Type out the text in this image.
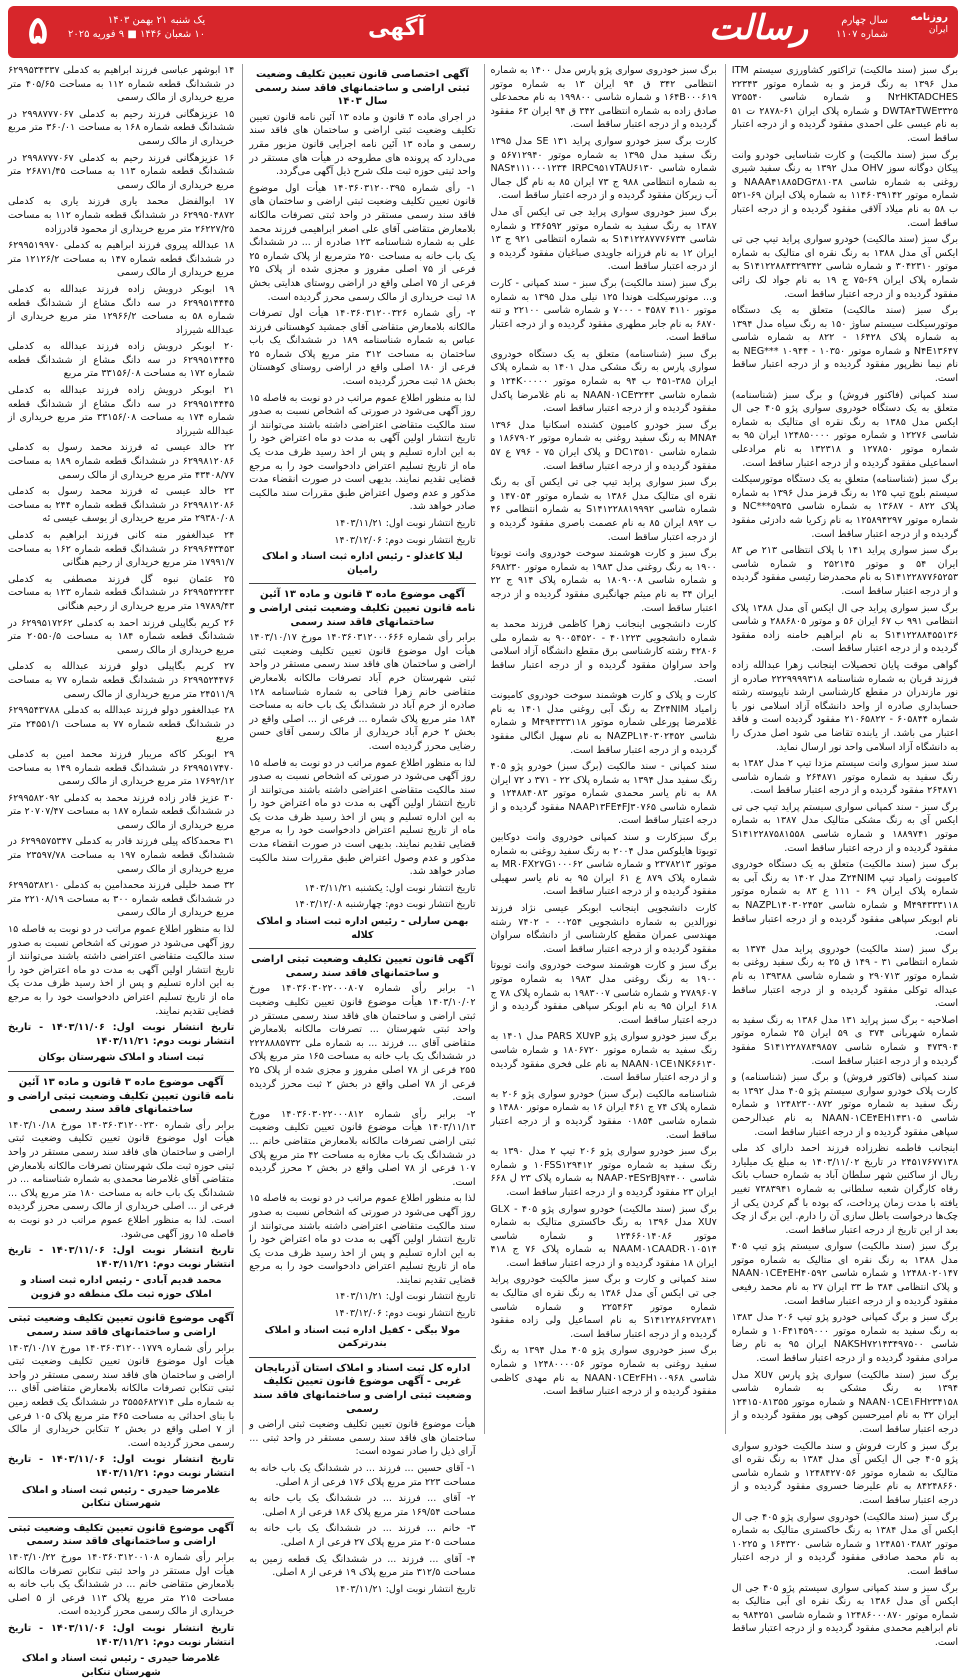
روزنامه
ایران
سال چهارم
شماره ۱۱۰۷
رسالت
آگهی
یک شنبه ۲۱ بهمن ۱۴۰۳
۱۰ شعبان ۱۴۴۶ ■ ۹ فوریه ۲۰۲۵
۵

برگ سبز (سند مالکیت) تراکتور کشاورزی سیستم ITM مدل ۱۳۹۶ به رنگ قرمز و به شماره موتور ۲۲۳۴۳ N۲HKTADCHES و شماره شاسی ۷۲۵۵۴۰ DWTA۴TWE۳۳۲۵ و شماره پلاک ایران ۶۱-۲۸۷۸ ت ۵۱ به نام عیسی علی احمدی مفقود گردیده و از درجه اعتبار ساقط است.

برگ سبز (سند مالکیت) و کارت شناسایی خودرو وانت پیکان دوگانه سوز OHV مدل ۱۳۹۲ به رنگ سفید شیری روغنی به شماره شاسی NAAA۴۱۸۸۵DG۳۸۱۰۳۸ و شماره موتور ۱۱۴۶۰۳۹۱۴۲ به شماره پلاک ایران ۶۹-۵۲۱ ب ۵۸ به نام میلاد آلاقی مفقود گردیده و از درجه اعتبار ساقط است.

برگ سبز (سند مالکیت) خودرو سواری پراید تیپ جی تی ایکس آی مدل ۱۳۸۸ به رنگ نقره ای متالیک به شماره موتور ۳۰۴۲۳۱۰ و شماره شاسی S۱۴۱۲۲۸۸۴۳۲۹۳۴۲ به شماره پلاک ایران ۶۹-۷۵ ج ۱۹ به نام جواد لک زائی مفقود گردیده و از درجه اعتبار ساقط است.

برگ سبز (سند مالکیت) متعلق به یک دستگاه موتورسیکلت سیستم ساوژ ۱۵۰ به رنگ سیاه مدل ۱۳۹۴ به شماره پلاک ۱۶۴۲۸ - ۸۲۲ به شماره شاسی N۴E۱۳۶۴۷ و شماره موتور NEG*** ۱۰۹۴۴ - ۱۰۳۵۰ به نام نیما نظرپور مفقود گردیده و از درجه اعتبار ساقط است.

سند کمپانی (فاکتور فروش) و برگ سبز (شناسنامه) متعلق به یک دستگاه خودروی سواری پژو ۴۰۵ جی ال ایکس مدل ۱۳۸۵ به رنگ نقره ای متالیک به شماره شاسی ۱۲۲۷۶ و شماره موتور ۱۲۴۸۵۰۰۰۰ ایران ۹۵ به شماره موتور ۱۲۷۸۵۰ و ۱۳۲۳۱۸ به نام مرادعلی اسماعیلی مفقود گردیده و از درجه اعتبار ساقط است.

برگ سبز (شناسنامه) متعلق به یک دستگاه موتورسیکلت سیستم بلوچ تیپ ۱۲۵ به رنگ قرمز مدل ۱۳۹۶ به شماره پلاک ۸۲۲ - ۱۳۶۸۷ به شماره شاسی NC***۵۹۳۵ و شماره موتور ۱۲۵۸۹۴۲۹۷ به نام زکریا شه دادزئی مفقود گردیده و از درجه اعتبار ساقط است.

برگ سبز سواری پراید ۱۴۱ با پلاک انتظامی ۲۱۳ ص ۸۳ ایران ۵۴ و موتور ۲۵۲۱۴۵ و شماره شاسی S۱۴۱۲۲۸۷۷۶۵۲۵۳ به نام محمدرضا رئیسی مفقود گردیده و از درجه اعتبار ساقط است.

برگ سبز سواری پراید جی ال ایکس آی مدل ۱۳۸۸ پلاک انتظامی ۹۹۱ ب ۶۷ ایران ۵۶ و موتور ۲۸۸۶۸۰۵ و شاسی S۱۴۱۲۲۸۸۴۵۵۱۳۶ به نام ابراهیم خامنه زاده مفقود گردیده و از درجه اعتبار ساقط است.

گواهی موقت پایان تحصیلات اینجانب زهرا عبدالله زاده فرزند قربان به شماره شناسنامه ۲۲۲۹۹۹۹۳۱۸ صادره از نور مازندران در مقطع کارشناسی ارشد ناپیوسته رشته حسابداری صادره از واحد دانشگاه آزاد اسلامی نور با شماره ۶۰۵۸۴۴ - ۲۱۰۶۵۸۲۲ مفقود گردیده است و فاقد اعتبار می باشد. از یابنده تقاضا می شود اصل مدرک را به دانشگاه آزاد اسلامی واحد نور ارسال نماید.

سند سبز سواری وانت سیستم مزدا تیپ ۲ مدل ۱۳۸۲ به رنگ سفید به شماره موتور ۲۶۴۸۷۱ و شماره شاسی ۲۶۴۸۷۱ مفقود گردیده و از درجه اعتبار ساقط است.

برگ سبز - سند کمپانی سواری سیستم پراید تیپ جی تی ایکس آی به رنگ مشکی متالیک مدل ۱۳۸۷ به شماره موتور ۱۸۸۹۷۴۱ و شماره شاسی S۱۴۱۲۲۸۷۵۸۱۵۵۸ مفقود گردیده و از درجه اعتبار ساقط است.

برگ سبز (سند مالکیت) متعلق به یک دستگاه خودروی کامیونت زامیاد تیپ Z۲۴NIM مدل ۱۴۰۲ به رنگ آبی به شماره پلاک ایران ۶۹ - ۱۱۱ ع ۸۳ به شماره موتور M۴۹۴۳۳۳۱۱۸ و شماره شاسی NAZPL۱۴۰۳۰۲۴۵۲ به نام ابوبکر سپاهی مفقود گردیده و از درجه اعتبار ساقط است.

برگ سبز (سند مالکیت) خودروی پراید مدل ۱۳۷۴ به شماره انتظامی ۳۱ - ۱۴۹ ق ۲۵ به رنگ سفید روغنی به شماره موتور ۲۹۰۷۱۳ و شماره شاسی ۱۳۹۳۸۸ به نام عبداله توکلی مفقود گردیده و از درجه اعتبار ساقط است.

اصلاحیه - برگ سبز پراید ۱۳۱ مدل ۱۳۸۶ به رنگ سفید به شماره شهربانی ۳۷۴ ی ۵۹ ایران ۲۵ شماره موتور ۴۷۳۹۰۴ و شماره شاسی S۱۴۱۲۲۸۷۸۴۹۸۵۷ مفقود گردیده و از درجه اعتبار ساقط است.

سند کمپانی (فاکتور فروش) و برگ سبز (شناسنامه) و کارت پلاک خودرو سواری سیستم پژو ۴۰۵ مدل ۱۳۹۲ به رنگ سفید به شماره موتور ۱۲۴۸۲۳۰۰۸۷۲ و شماره شاسی NAAN۰۱CE۴EH۱۴۳۱۰۵ به نام عبدالرحمن سپاهی مفقود گردیده و از درجه اعتبار ساقط است.

اینجانب فاطمه نظرزاده فرزند احمد دارای کد ملی ۲۴۵۱۷۶۷۷۱۳۸ در تاریخ ۱۴۰۳/۱۱/۰۲ به مبلغ یک میلیارد ریال از ساکنین شهر سلطان آباد به شماره حساب بانک رفاه کارگران شعبه سلطانی به شماره ۷۳۸۳۹۴۱ تغییر یافته با مدت زمان پرداخت، که بوده با گم کردن یکی از چک‌ها درخواست باطل سازی آن را دارم. این برگ از چک بعد از این تاریخ از درجه اعتبار ساقط است.

برگ سبز (سند مالکیت) سواری سیستم پژو تیپ ۴۰۵ مدل ۱۳۸۸ به رنگ نقره ای متالیک به شماره موتور ۱۲۴۸۸۰۲۰۱۴۷ و شماره شاسی NAAN۰۱CE۴EH۴۰۵۹۲ و پلاک انتظامی ۳۸۴ ط ۳۳ ایران ۲۷ به نام محمد رفیعی مفقود گردیده و از درجه اعتبار ساقط است.

برگ سبز و برگ کمپانی خودرو پژو تیپ ۲۰۶ مدل ۱۳۸۳ به رنگ سفید به شماره موتور ۱۰F۴۱۴۵۹۰۰۰ و شماره شاسی NAKSH۷۲۱۴۳۴۹۷۵۰۰ ایران ۹۵ به نام رضا مرادی مفقود گردیده و از درجه اعتبار ساقط است.

برگ سبز (سند مالکیت) سواری پژو پارس XU۷ مدل ۱۳۹۴ به رنگ مشکی به شماره شاسی NAAN۰۱CE۱FH۲۳۴۱۵۸ و شماره موتور ۱۲۴۱۵۰۸۱۳۵۵ ایران ۳۲ به نام امیرحسین کوهی پور مفقود گردیده و از درجه اعتبار ساقط است.

برگ سبز و کارت فروش و سند مالکیت خودرو سواری پژو ۴۰۵ جی ال ایکس آی مدل ۱۳۸۴ به رنگ نقره ای متالیک به شماره موتور ۱۲۴۸۴۲۷۰۵۶ و شماره شاسی ۸۴۲۴۸۶۶۰ به نام علیرضا خسروی مفقود گردیده و از درجه اعتبار ساقط است.

برگ سبز (سند مالکیت) خودروی سواری پژو ۴۰۵ جی ال ایکس آی مدل ۱۳۸۴ به رنگ خاکستری متالیک به شماره موتور ۱۲۴۸۵۱۰۳۸۸۲ و شماره شاسی ۱۶۴۳۲۰ و ۱۰۲۲۵ به نام محمد صادقی مفقود گردیده و از درجه اعتبار ساقط است.

برگ سبز و سند کمپانی سواری سیستم پژو ۴۰۵ جی ال ایکس آی مدل ۱۳۸۶ به رنگ نقره ای آبی متالیک به شماره موتور ۱۲۴۸۶۰۰۰۸۷۰ و شماره شاسی ۹۸۴۲۵۱ به نام ابراهیم محمدی مفقود گردیده و از درجه اعتبار ساقط است.

برگ سبز خودروی سواری پژو پارس مدل ۱۴۰۰ به شماره انتظامی ۳۴۲ ق ۹۴ ایران ۱۳ به شماره موتور ۱۶۴B۰۰۰۶۱۹ و شماره شاسی ۱۹۹۸۰۰ به نام محمدعلی صادق زاده به شماره انتظامی ۳۴۲ ق ۹۴ ایران ۶۳ مفقود گردیده و از درجه اعتبار ساقط است.

کارت برگ سبز خودرو سواری پراید ۱۳۱ SE مدل ۱۳۹۵ رنگ سفید مدل ۱۳۹۵ به شماره موتور ۵۶۷۱۲۹۴۰ و شماره شاسی NAS۴۱۱۱۰۰۰۱۲۳۴ IRPC۹۵۱۷TAU۶۱۳۰ به شماره انتظامی ۹۸۸ ج ۷۳ ایران ۸۵ به نام گل جمال آب زیرکان مفقود گردیده و از درجه اعتبار ساقط است.

برگ سبز خودروی سواری پراید جی تی ایکس آی مدل ۱۳۸۷ به رنگ سفید به شماره موتور ۲۴۶۵۹۲ و شماره شاسی S۱۴۱۲۲۸۷۷۷۶۷۳۴ به شماره انتظامی ۹۲۱ ج ۱۳ ایران ۱۲ به نام فرزانه جاویدی صباغیان مفقود گردیده و از درجه اعتبار ساقط است.

برگ سبز (سند مالکیت) برگ سبز - سند کمپانی - کارت و... موتورسیکلت هوندا ۱۲۵ نیلی مدل ۱۳۹۵ به شماره موتور ۴۱۱۰ ۴۵۸۷ - ۷۰۰۰ و شماره شاسی ۲۲۱۰۰ و تنه ۶۸۷۰ به نام جابر مطهری مفقود گردیده و از درجه اعتبار ساقط است.

برگ سبز (شناسنامه) متعلق به یک دستگاه خودروی سواری پارس به رنگ مشکی مدل ۱۴۰۱ به شماره پلاک ایران ۳۸۵-۴۵۱ ب ۹۴ به شماره موتور ۱۲۴K۰۰۰۰۰ و شماره شاسی NAAN۰۱CE۳۲۴۳ به نام غلامرضا پاکدل مفقود گردیده و از درجه اعتبار ساقط است.

برگ سبز خودرو کامیون کشنده اسکانیا مدل ۱۳۹۶ MNA۴ به رنگ سفید روغنی به شماره موتور ۱۸۶۷۹۰۲ و شماره شاسی DC۱۳۵۱۰ و پلاک ایران ۷۵ - ۷۹۶ ع ۵۷ مفقود گردیده و از درجه اعتبار ساقط است.

برگ سبز سواری پراید تیپ جی تی ایکس آی به رنگ نقره ای متالیک مدل ۱۳۸۶ به شماره موتور ۱۴۷۰۵۴ و شماره شاسی S۱۴۱۲۲۸۸۱۹۹۹۲ به شماره انتظامی ۴۶ ب ۸۹۲ ایران ۸۵ به نام عصمت باصری مفقود گردیده و از درجه اعتبار ساقط است.

برگ سبز و کارت هوشمند سوخت خودروی وانت تویوتا ۱۹۰۰ به رنگ روغنی مدل ۱۹۸۳ به شماره موتور ۶۹۸۲۳۰ و شماره شاسی ۱۸۰۹۰۰۸ به شماره پلاک ۹۱۴ ج ۲۲ ایران ۳۴ به نام میثم جهانگیری مفقود گردیده و از درجه اعتبار ساقط است.

کارت دانشجویی اینجانب زهرا کاظمی فرزند محمد به شماره دانشجویی ۴۰۱۲۲۳ - ۹۰۰۵۴۵۲۰ به شماره ملی ۴۲۸۰۶ رشته کارشناسی برق مقطع دانشگاه آزاد اسلامی واحد سراوان مفقود گردیده و از درجه اعتبار ساقط است.

کارت و پلاک و کارت هوشمند سوخت خودروی کامیونت زامیاد Z۲۴NIM به رنگ آبی روغنی مدل ۱۴۰۱ به نام غلامرضا پورعلی شماره موتور M۴۹۴۳۳۳۱۱۸ و شماره شاسی NAZPL۱۴۰۳۰۲۴۵۲ به نام سهیل انگالی مفقود گردیده و از درجه اعتبار ساقط است.

سند کمپانی - سند مالکیت (برگ سبز) خودرو پژو ۴۰۵ رنگ سفید مدل ۱۳۹۴ به شماره پلاک ۲۲ - ۳۷۱ د ۷۲ ایران ۸۸ به نام یاسر محمدی شماره موتور ۱۲۴۸۸۴۰۸۳ و شماره شاسی NAAP۱۳FE۴FJ۳۰۷۶۵ مفقود گردیده و از درجه اعتبار ساقط است.

برگ سبزکارت و سند کمپانی خودروی وانت دوکابین تویوتا هایلوکس مدل ۲۰۰۴ به رنگ سفید روغنی به شماره موتور ۲۳۷۸۲۱۳ و شماره شاسی MR۰FX۲۷G۱۰۰۰۶۲ به شماره پلاک ۸۷۹ ع ۶۱ ایران ۹۵ به نام یاسر سهیلی مفقود گردیده و از درجه اعتبار ساقط است.

کارت دانشجویی اینجانب ابوبکر عیسی نژاد فرزند نورالدین به شماره دانشجویی ۰۰۲۵۴ - ۷۴۰۲ رشته مهندسی عمران مقطع کارشناسی از دانشگاه سراوان مفقود گردیده و از درجه اعتبار ساقط است.

برگ سبز و کارت هوشمند سوخت خودروی وانت تویوتا ۱۹۰۰ به رنگ روغنی مدل ۱۹۸۳ به شماره موتور ۲۷۸۹۶۰۷ و شماره شاسی ۱۹۸۳۰۰۷ به شماره پلاک ۷۸ ج ۶۱۸ ایران ۹۵ به نام ابوبکر سپاهی مفقود گردیده و از درجه اعتبار ساقط است.

برگ سبز خودرو سواری پژو PARS XU۷P مدل ۱۴۰۱ به رنگ سفید به شماره موتور ۱۸۰۶۷۲۰ و شماره شاسی NAAN۰۱CE۱NK۶۶۱۳۰ به نام علی فخری مفقود گردیده و از درجه اعتبار ساقط است.

شناسنامه مالکیت (برگ سبز) خودرو سواری پژو ۲۰۶ به شماره پلاک ۷۴ ج ۴۶۱ ایران ۱۶ به شماره موتور ۱۴۸۸۰ و شماره شاسی ۰۱۸۵۴ مفقود گردیده و از درجه اعتبار ساقط است.

برگ سبز خودرو سواری پژو ۲۰۶ تیپ ۲ مدل ۱۳۹۰ به رنگ سفید به شماره موتور ۱۰FSS۱۲۹۴۱۲ و شماره شاسی NAAP۰۳ES۲BJ۹۴۴۰۰ به شماره پلاک ۲۳ ل ۶۶۸ ایران ۲۳ مفقود گردیده و از درجه اعتبار ساقط است.

برگ سبز (سند مالکیت) خودرو سواری پژو ۴۰۵ GLX - XU۷ مدل ۱۳۹۶ به رنگ خاکستری متالیک به شماره موتور ۱۲۴۶۶۰۱۴۰۸۶ و شماره شاسی NAAM۰۱CAADR۰۱۰۵۱۴ به شماره پلاک ۷۶ ج ۴۱۸ ایران ۱۸ مفقود گردیده و از درجه اعتبار ساقط است.

سند کمپانی و کارت و برگ سبز مالکیت خودروی پراید جی تی ایکس آی مدل ۱۳۸۶ به رنگ نقره ای متالیک به شماره موتور ۲۲۵۴۶۳ و شماره شاسی S۱۴۱۲۲۸۶۲۷۲۸۴۱ به نام اسماعیل ولی زاده مفقود گردیده و از درجه اعتبار ساقط است.

برگ سبز خودروی سواری پژو ۴۰۵ مدل ۱۳۹۴ به رنگ سفید روغنی به شماره موتور ۱۲۴۸۰۰۰۰۵۶ و شماره شاسی NAAN۰۱CE۲FH۱۰۰۹۶۸ به نام مهدی کاظمی مفقود گردیده و از درجه اعتبار ساقط است.

آگهی اختصاصی قانون تعیین تکلیف وضعیت ثبتی اراضی و ساختمانهای فاقد سند رسمی سال ۱۴۰۳

در اجرای ماده ۳ قانون و ماده ۱۳ آئین نامه قانون تعیین تکلیف وضعیت ثبتی اراضی و ساختمان های فاقد سند رسمی و ماده ۱۳ آئین نامه اجرایی قانون مزبور مقرر می‌دارد که پرونده های مطروحه در هیأت های مستقر در واحد ثبتی حوزه ثبت ملک شرح ذیل آگهی می‌گردد.

۱- رأی شماره ۱۴۰۳۶۰۳۱۲۰۰۳۹۵ هیأت اول موضوع قانون تعیین تکلیف وضعیت ثبتی اراضی و ساختمان های فاقد سند رسمی مستقر در واحد ثبتی تصرفات مالکانه بلامعارض متقاضی آقای علی اصغر ابراهیمی فرزند محمد علی به شماره شناسنامه ۱۲۳ صادره از ... در ششدانگ یک باب خانه به مساحت ۲۵۰ مترمربع از پلاک شماره ۲۵ فرعی از ۷۵ اصلی مفروز و مجزی شده از پلاک ۲۵ فرعی از ۷۵ اصلی واقع در اراضی روستای هدایتی بخش ۱۸ ثبت خریداری از مالک رسمی محرز گردیده است.

۲- رأی شماره ۱۴۰۳۶۰۳۱۲۰۰۳۲۶ هیأت اول تصرفات مالکانه بلامعارض متقاضی آقای جمشید کوهستانی فرزند عباس به شماره شناسنامه ۱۸۹ در ششدانگ یک باب ساختمان به مساحت ۳۱۲ متر مربع پلاک شماره ۲۵ فرعی از ۱۸۰ اصلی واقع در اراضی روستای کوهستان بخش ۱۸ ثبت محرز گردیده است.

لذا به منظور اطلاع عموم مراتب در دو نوبت به فاصله ۱۵ روز آگهی می‌شود در صورتی که اشخاص نسبت به صدور سند مالکیت متقاضی اعتراضی داشته باشند می‌توانند از تاریخ انتشار اولین آگهی به مدت دو ماه اعتراض خود را به این اداره تسلیم و پس از اخذ رسید ظرف مدت یک ماه از تاریخ تسلیم اعتراض دادخواست خود را به مرجع قضایی تقدیم نمایند. بدیهی است در صورت انقضاء مدت مذکور و عدم وصول اعتراض طبق مقررات سند مالکیت صادر خواهد شد.

تاریخ انتشار نوبت اول: ۱۴۰۳/۱۱/۲۱

تاریخ انتشار نوبت دوم: ۱۴۰۳/۱۲/۰۶

لیلا کاغذلو - رئیس اداره ثبت اسناد و املاک رامیان
آگهی موضوع ماده ۳ قانون و ماده ۱۳ آئین نامه قانون تعیین تکلیف وضعیت ثبتی اراضی و ساختمانهای فاقد سند رسمی

برابر رأی شماره ۱۴۰۳۶۰۳۱۲۰۰۰۶۶۶ مورخ ۱۴۰۳/۱۰/۱۷ هیأت اول موضوع قانون تعیین تکلیف وضعیت ثبتی اراضی و ساختمان های فاقد سند رسمی مستقر در واحد ثبتی شهرستان خرم آباد تصرفات مالکانه بلامعارض متقاضی خانم زهرا فتاحی به شماره شناسنامه ۱۲۸ صادره از خرم آباد در ششدانگ یک باب خانه به مساحت ۱۸۴ متر مربع پلاک شماره ... فرعی از ... اصلی واقع در بخش ۲ خرم آباد خریداری از مالک رسمی آقای حسن رضایی محرز گردیده است.

لذا به منظور اطلاع عموم مراتب در دو نوبت به فاصله ۱۵ روز آگهی می‌شود در صورتی که اشخاص نسبت به صدور سند مالکیت متقاضی اعتراضی داشته باشند می‌توانند از تاریخ انتشار اولین آگهی به مدت دو ماه اعتراض خود را به این اداره تسلیم و پس از اخذ رسید ظرف مدت یک ماه از تاریخ تسلیم اعتراض دادخواست خود را به مرجع قضایی تقدیم نمایند. بدیهی است در صورت انقضاء مدت مذکور و عدم وصول اعتراض طبق مقررات سند مالکیت صادر خواهد شد.

تاریخ انتشار نوبت اول: یکشنبه ۱۴۰۳/۱۱/۲۱

تاریخ انتشار نوبت دوم: چهارشنبه ۱۴۰۳/۱۲/۰۸

بهمن سارلی - رئیس اداره ثبت اسناد و املاک کلاله
آگهی قانون تعیین تکلیف وضعیت ثبتی اراضی و ساختمانهای فاقد سند رسمی

۱- برابر رأی شماره ۱۴۰۳۶۰۳۰۲۲۰۰۰۸۰۷ مورخ ۱۴۰۳/۱۰/۰۲ هیأت موضوع قانون تعیین تکلیف وضعیت ثبتی اراضی و ساختمان های فاقد سند رسمی مستقر در واحد ثبتی شهرستان ... تصرفات مالکانه بلامعارض متقاضی آقای ... فرزند ... به شماره ملی ۲۲۲۸۸۸۵۷۳۲ در ششدانگ یک باب خانه به مساحت ۱۶۵ متر مربع پلاک ۲۵۵ فرعی از ۷۸ اصلی مفروز و مجزی شده از پلاک ۲۵ فرعی از ۷۸ اصلی واقع در بخش ۲ ثبت محرز گردیده است.

۲- برابر رأی شماره ۱۴۰۳۶۰۳۰۲۲۰۰۰۸۱۲ مورخ ۱۴۰۳/۱۱/۱۳ هیأت موضوع قانون تعیین تکلیف وضعیت ثبتی اراضی تصرفات مالکانه بلامعارض متقاضی خانم ... در ششدانگ یک باب مغازه به مساحت ۴۲ متر مربع پلاک ۱۰۷ فرعی از ۷۸ اصلی واقع در بخش ۲ محرز گردیده است.

لذا به منظور اطلاع عموم مراتب در دو نوبت به فاصله ۱۵ روز آگهی می‌شود در صورتی که اشخاص نسبت به صدور سند مالکیت متقاضی اعتراضی داشته باشند می‌توانند از تاریخ انتشار اولین آگهی به مدت دو ماه اعتراض خود را به این اداره تسلیم و پس از اخذ رسید ظرف مدت یک ماه از تاریخ تسلیم اعتراض دادخواست خود را به مرجع قضایی تقدیم نمایند.

تاریخ انتشار نوبت اول: ۱۴۰۳/۱۱/۲۱

تاریخ انتشار نوبت دوم: ۱۴۰۳/۱۲/۰۶

مولا بیگی - کفیل اداره ثبت اسناد و املاک بندرترکمن
اداره کل ثبت اسناد و املاک استان آذربایجان غربی - آگهی موضوع قانون تعیین تکلیف وضعیت ثبتی اراضی و ساختمانهای فاقد سند رسمی

هیأت موضوع قانون تعیین تکلیف وضعیت ثبتی اراضی و ساختمان های فاقد سند رسمی مستقر در واحد ثبتی ... آرای ذیل را صادر نموده است:

۱- آقای حسین ... فرزند ... در ششدانگ یک باب خانه به مساحت ۲۲۳ متر مربع پلاک ۱۷۶ فرعی از ۸ اصلی.

۲- آقای ... فرزند ... در ششدانگ یک باب خانه به مساحت ۱۶۹/۵۴ متر مربع پلاک ۱۸۶ فرعی از ۸ اصلی.

۳- خانم ... فرزند ... در ششدانگ یک باب خانه به مساحت ۲۰۵ متر مربع پلاک ۲۷ فرعی از ۸ اصلی.

۴- آقای ... فرزند ... در ششدانگ یک قطعه زمین به مساحت ۳۱۲/۵ متر مربع پلاک ۱۹ فرعی از ۸ اصلی.

تاریخ انتشار نوبت اول: ۱۴۰۳/۱۱/۲۱

۱۴ ابوشهر عباسی فرزند ابراهیم به کدملی ۶۲۹۹۵۳۴۳۳۷ در ششدانگ قطعه شماره ۱۱۲ به مساحت ۴۰۵/۶۵ متر مربع خریداری از مالک رسمی

۱۵ عزیزهگانی فرزند رحیم به کدملی ۲۹۹۸۷۷۷۰۶۷ در ششدانگ قطعه شماره ۱۶۸ به مساحت ۳۶۰/۰۱ متر مربع خریداری از مالک رسمی

۱۶ عزیزهگانی فرزند رحیم به کدملی ۲۹۹۸۷۷۷۰۶۷ در ششدانگ قطعه شماره ۱۱۳ به مساحت ۲۶۸۷۱/۴۵ متر مربع خریداری از مالک رسمی

۱۷ ابوالفضل محمد یاری فرزند یاری به کدملی ۶۲۹۹۵۰۴۸۷۲ در ششدانگ قطعه شماره ۱۱۲ به مساحت ۲۶۲۲۷/۲۵ متر مربع خریداری از محمود قادرزاده

۱۸ عبدالله پیروی فرزند ابراهیم به کدملی ۶۲۹۹۵۱۹۹۷۰ در ششدانگ قطعه شماره ۱۴۷ به مساحت ۱۲۱۲۶/۲ متر مربع خریداری از مالک رسمی

۱۹ ابوبکر درویش زاده فرزند عبدالله به کدملی ۶۲۹۹۵۱۴۴۴۵ در سه دانگ مشاع از ششدانگ قطعه شماره ۵۸ به مساحت ۱۲۹۶۶/۲ متر مربع خریداری از عبدالله شیرزاد

۲۰ ابوبکر درویش زاده فرزند عبدالله به کدملی ۶۲۹۹۵۱۴۴۴۵ در سه دانگ مشاع از ششدانگ قطعه شماره ۱۷۲ به مساحت ۳۳۱۵۶/۰۸ متر مربع

۲۱ ابوبکر درویش زاده فرزند عبدالله به کدملی ۶۲۹۹۵۱۴۴۴۵ در سه دانگ مشاع از ششدانگ قطعه شماره ۱۷۴ به مساحت ۳۳۱۵۶/۰۸ متر مربع خریداری از عبدالله شیرزاد

۲۲ خالد عیسی ئه فرزند محمد رسول به کدملی ۶۲۹۹۸۱۲۰۸۶ در ششدانگ قطعه شماره ۱۸۹ به مساحت ۴۳۴۰۸/۷۷ متر مربع خریداری از مالک رسمی

۲۳ خالد عیسی ئه فرزند محمد رسول به کدملی ۶۲۹۹۸۱۲۰۸۶ در ششدانگ قطعه شماره ۲۴۴ به مساحت ۲۹۳۸۰/۰۸ متر مربع خریداری از یوسف عیسی ئه

۲۴ عبدالغفور منه کانی فرزند ابراهیم به کدملی ۶۲۹۹۶۴۳۴۵۳ در ششدانگ قطعه شماره ۱۶۲ به مساحت ۱۷۹۹۱/۷ متر مربع خریداری از رحیم هنگانی

۲۵ عثمان نبوه گل فرزند مصطفی به کدملی ۶۲۹۹۵۴۲۲۴۳ در ششدانگ قطعه شماره ۱۲۳ به مساحت ۱۹۷۸۹/۴۳ متر مربع خریداری از رحیم هنگانی

۲۶ کریم بگاپیلی فرزند احمد به کدملی ۶۲۹۹۵۱۷۲۶۲ در ششدانگ قطعه شماره ۱۸۴ به مساحت ۲۰۵۵۰/۵ متر مربع خریداری از مالک رسمی

۲۷ کریم بگاپیلی دولو فرزند عبدالله به کدملی ۶۲۹۹۵۲۴۴۷۶ در ششدانگ قطعه شماره ۷۷ به مساحت ۲۴۵۱۱/۹ متر مربع خریداری از مالک رسمی

۲۸ عبدالغفور دولو فرزند عبدالله به کدملی ۶۲۹۹۵۴۳۷۸۸ در ششدانگ قطعه شماره ۷۷ به مساحت ۲۴۵۵۱/۱ متر مربع

۲۹ ابوبکر کاکه مریبار فرزند محمد امین به کدملی ۶۲۹۹۵۱۷۴۷۰ در ششدانگ قطعه شماره ۱۴۹ به مساحت ۱۷۶۹۲/۱۲ متر مربع خریداری از مالک رسمی

۳۰ عزیز قادر زاده فرزند محمد به کدملی ۶۲۹۹۵۸۲۰۹۲ در ششدانگ قطعه شماره ۱۸۷ به مساحت ۲۰۷۰۷/۴۷ متر مربع خریداری از مالک رسمی

۳۱ محمدکاکه پیلی فرزند قادر به کدملی ۶۲۹۹۵۷۵۳۴۷ در ششدانگ قطعه شماره ۱۹۷ به مساحت ۲۳۵۹۷/۷۸ متر مربع خریداری از مالک رسمی

۳۲ صمد خلیلی فرزند محمدامین به کدملی ۶۲۹۹۵۳۸۲۱۰ در ششدانگ قطعه شماره ۳۰۰ به مساحت ۲۲۱۰۸/۱۹ متر مربع خریداری از مالک رسمی

لذا به منظور اطلاع عموم مراتب در دو نوبت به فاصله ۱۵ روز آگهی می‌شود در صورتی که اشخاص نسبت به صدور سند مالکیت متقاضی اعتراضی داشته باشند می‌توانند از تاریخ انتشار اولین آگهی به مدت دو ماه اعتراض خود را به این اداره تسلیم و پس از اخذ رسید ظرف مدت یک ماه از تاریخ تسلیم اعتراض دادخواست خود را به مرجع قضایی تقدیم نمایند.

تاریخ انتشار نوبت اول: ۱۴۰۳/۱۱/۰۶ - تاریخ انتشار نوبت دوم: ۱۴۰۳/۱۱/۲۱

ثبت اسناد و املاک شهرستان بوکان
آگهی موضوع ماده ۳ قانون و ماده ۱۳ آئین نامه قانون تعیین تکلیف وضعیت ثبتی اراضی و ساختمانهای فاقد سند رسمی

برابر رأی شماره ۱۴۰۳۶۰۳۱۲۰۰۲۳۰ مورخ ۱۴۰۳/۱۰/۱۸ هیأت اول موضوع قانون تعیین تکلیف وضعیت ثبتی اراضی و ساختمان های فاقد سند رسمی مستقر در واحد ثبتی حوزه ثبت ملک شهرستان تصرفات مالکانه بلامعارض متقاضی آقای غلامرضا محمدی به شماره شناسنامه ... در ششدانگ یک باب خانه به مساحت ۱۸۰ متر مربع پلاک ... فرعی از ... اصلی خریداری از مالک رسمی محرز گردیده است. لذا به منظور اطلاع عموم مراتب در دو نوبت به فاصله ۱۵ روز آگهی می‌شود.

تاریخ انتشار نوبت اول: ۱۴۰۳/۱۱/۰۶ - تاریخ انتشار نوبت دوم: ۱۴۰۳/۱۱/۲۱

محمد قدیم آبادی - رئیس اداره ثبت اسناد و املاک حوزه ثبت ملک منطقه دو قزوین
آگهی موضوع قانون تعیین تکلیف وضعیت ثبتی اراضی و ساختمانهای فاقد سند رسمی

برابر رأی شماره ۱۴۰۳۶۰۳۱۲۰۰۱۷۷۹ مورخ ۱۴۰۳/۱۰/۱۷ هیأت اول موضوع قانون تعیین تکلیف وضعیت ثبتی اراضی و ساختمان های فاقد سند رسمی مستقر در واحد ثبتی تنکابن تصرفات مالکانه بلامعارض متقاضی آقای ... به شماره ملی ۳۵۵۵۶۸۲۷۱۴ در ششدانگ یک قطعه زمین با بنای احداثی به مساحت ۴۶۵ متر مربع پلاک ۱۰۵ فرعی از ۷ اصلی واقع در بخش ۲ تنکابن خریداری از مالک رسمی محرز گردیده است.

تاریخ انتشار نوبت اول: ۱۴۰۳/۱۱/۰۶ - تاریخ انتشار نوبت دوم: ۱۴۰۳/۱۱/۲۱

غلامرضا حیدری - رئیس ثبت اسناد و املاک شهرستان تنکابن
آگهی موضوع قانون تعیین تکلیف وضعیت ثبتی اراضی و ساختمانهای فاقد سند رسمی

برابر رأی شماره ۱۴۰۳۶۰۳۱۲۰۰۱۰۸ مورخ ۱۴۰۳/۱۰/۲۲ هیأت اول مستقر در واحد ثبتی تنکابن تصرفات مالکانه بلامعارض متقاضی خانم ... در ششدانگ یک باب خانه به مساحت ۲۱۵ متر مربع پلاک ۱۱۳ فرعی از ۵ اصلی خریداری از مالک رسمی محرز گردیده است.

تاریخ انتشار نوبت اول: ۱۴۰۳/۱۱/۰۶ - تاریخ انتشار نوبت دوم: ۱۴۰۳/۱۱/۲۱

غلامرضا حیدری - رئیس ثبت اسناد و املاک شهرستان تنکابن
